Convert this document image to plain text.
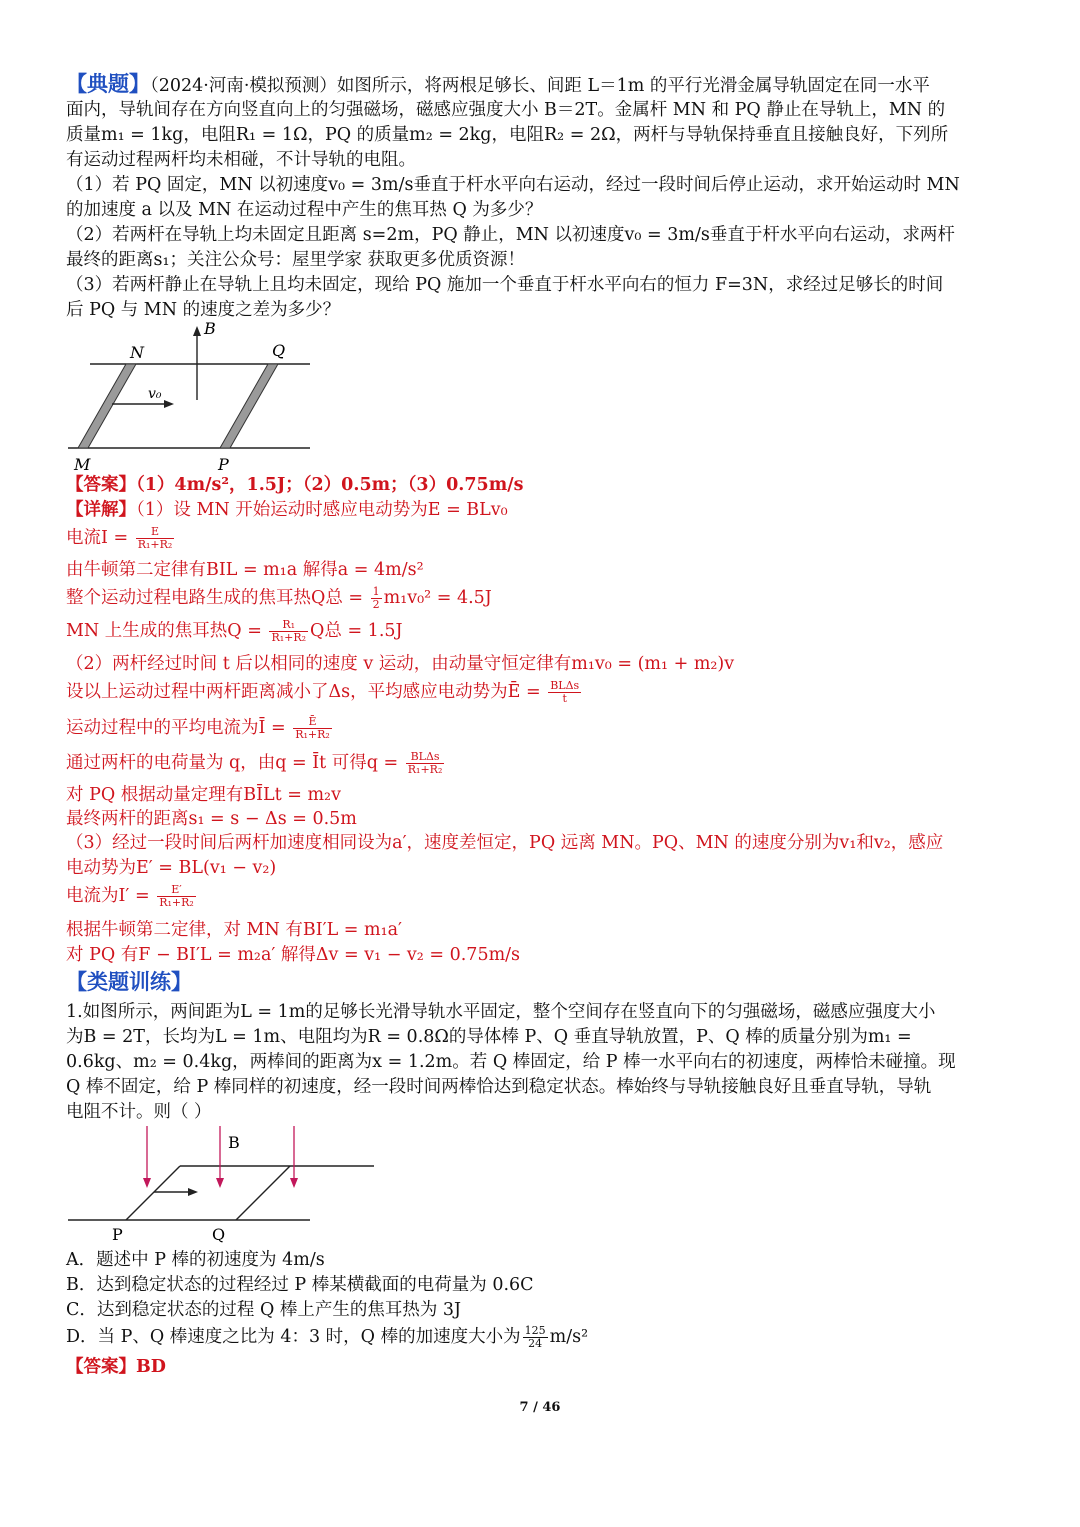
【典题】（2024·河南·模拟预测）如图所示，将两根足够长、间距 L＝1m 的平行光滑金属导轨固定在同一水平
面内，导轨间存在方向竖直向上的匀强磁场，磁感应强度大小 B＝2T。金属杆 MN 和 PQ 静止在导轨上，MN 的
质量m₁ = 1kg，电阻R₁ = 1Ω，PQ 的质量m₂ = 2kg，电阻R₂ = 2Ω，两杆与导轨保持垂直且接触良好，下列所
有运动过程两杆均未相碰，不计导轨的电阻。
（1）若 PQ 固定，MN 以初速度v₀ = 3m/s垂直于杆水平向右运动，经过一段时间后停止运动，求开始运动时 MN
的加速度 a 以及 MN 在运动过程中产生的焦耳热 Q 为多少？
（2）若两杆在导轨上均未固定且距离 s=2m，PQ 静止，MN 以初速度v₀ = 3m/s垂直于杆水平向右运动，求两杆
最终的距离s₁；关注公众号：屋里学家 获取更多优质资源！
（3）若两杆静止在导轨上且均未固定，现给 PQ 施加一个垂直于杆水平向右的恒力 F=3N，求经过足够长的时间
后 PQ 与 MN 的速度之差为多少？
B
N	Q
M	P
v₀
【答案】（1）4m/s²，1.5J；（2）0.5m；（3）0.75m/s
【详解】（1）设 MN 开始运动时感应电动势为E = BLv₀
电流$I = \frac{E}{\text{R₁+R₂}}$
由牛顿第二定律有BIL = m₁a 解得a = 4m/s²
整个运动过程电路生成的焦耳热Q总 = $\frac{1}{2} m_1v_0^2 = 4.5J$
MN 上生成的焦耳热$Q = \frac{\text{R₁}}{\text{R₁+R₂}}$ Q总 = 1.5J
（2）两杆经过时间 t 后以相同的速度 v 运动，由动量守恒定律有m₁v₀ = (m₁ + m₂)v
设以上运动过程中两杆距离减小了Δs，平均感应电动势为Ē = $\frac{\text{BLΔs}}{t}$
运动过程中的平均电流为Ī = $\frac{Ē}{\text{R₁+R₂}}$
通过两杆的电荷量为 q，由q = Īt 可得$q = \frac{\text{BLΔs}}{\text{R₁+R₂}}$
对 PQ 根据动量定理有BĪLt = m₂v
最终两杆的距离s₁ = s − Δs = 0.5m
（3）经过一段时间后两杆加速度相同设为a′，速度差恒定，PQ 远离 MN。PQ、MN 的速度分别为v₁和v₂，感应
电动势为E′ = BL(v₁ − v₂)
电流为$I' = \frac{E'}{\text{R₁+R₂}}$
根据牛顿第二定律，对 MN 有BI′L = m₁a′
对 PQ 有F − BI′L = m₂a′ 解得Δv = v₁ − v₂ = 0.75m/s
【类题训练】
1.如图所示，两间距为L = 1m的足够长光滑导轨水平固定，整个空间存在竖直向下的匀强磁场，磁感应强度大小
为B = 2T，长均为L = 1m、电阻均为R = 0.8Ω的导体棒 P、Q 垂直导轨放置，P、Q 棒的质量分别为m₁ =
0.6kg、m₂ = 0.4kg，两棒间的距离为x = 1.2m。若 Q 棒固定，给 P 棒一水平向右的初速度，两棒恰未碰撞。现
Q 棒不固定，给 P 棒同样的初速度，经一段时间两棒恰达到稳定状态。棒始终与导轨接触良好且垂直导轨，导轨
电阻不计。则（ ）
B
P	Q
A．题述中 P 棒的初速度为 4m/s
B．达到稳定状态的过程经过 P 棒某横截面的电荷量为 0.6C
C．达到稳定状态的过程 Q 棒上产生的焦耳热为 3J
D．当 P、Q 棒速度之比为 4：3 时，Q 棒的加速度大小为 $\frac{125}{24} m/s^2$
【答案】BD
7 / 46
